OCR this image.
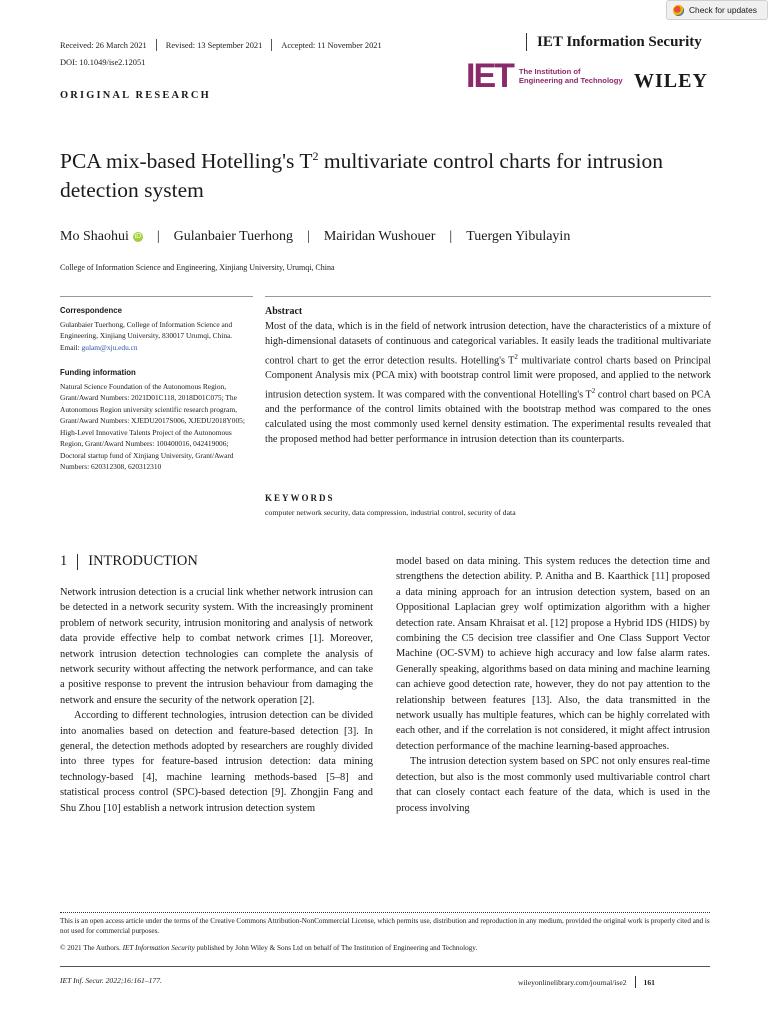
Check for updates
Received: 26 March 2021 Revised: 13 September 2021 Accepted: 11 November 2021	IET Information Security
DOI: 10.1049/ise2.12051	IET The Institution of
Engineering and Technology WILEY
ORIGINAL RESEARCH
PCA mix-based Hotelling's $T^2$ multivariate control charts for intrusion detection system
Mo Shaohui iD | Gulanbaier Tuerhong | Mairidan Wushouer | Tuergen Yibulayin
College of Information Science and Engineering, Xinjiang University, Urumqi, China
Correspondence
Gulanbaier Tuerhong, College of Information Science and Engineering, Xinjiang University, 830017 Urumqi, China.
Email: gulam@xju.edu.cn
Funding information
Natural Science Foundation of the Autonomous Region, Grant/Award Numbers: 2021D01C118, 2018D01C075; The Autonomous Region university scientific research program, Grant/Award Numbers: XJEDU2017S006, XJEDU2018Y005; High-Level Innovative Talents Project of the Autonomous Region, Grant/Award Numbers: 100400016, 042419006; Doctoral startup fund of Xinjiang University, Grant/Award Numbers: 620312308, 620312310
Abstract
Most of the data, which is in the field of network intrusion detection, have the characteristics of a mixture of high-dimensional datasets of continuous and categorical variables. It easily leads the traditional multivariate control chart to get the error detection results. Hotelling's $T^2$ multivariate control charts based on Principal Component Analysis mix (PCA mix) with bootstrap control limit were proposed, and applied to the network intrusion detection system. It was compared with the conventional Hotelling's $T^2$ control chart based on PCA and the performance of the control limits obtained with the bootstrap method was compared to the ones calculated using the most commonly used kernel density estimation. The experimental results revealed that the proposed method had better performance in intrusion detection than its counterparts.
KEYWORDS
computer network security, data compression, industrial control, security of data
1 INTRODUCTION

Network intrusion detection is a crucial link whether network intrusion can be detected in a network security system. With the increasingly prominent problem of network security, intrusion monitoring and analysis of network data provide effective help to combat network crimes [1]. Moreover, network intrusion detection technologies can complete the analysis of network security without affecting the network performance, and can take a positive response to prevent the intrusion behaviour from damaging the network and ensure the security of the network operation [2].

According to different technologies, intrusion detection can be divided into anomalies based on detection and feature-based detection [3]. In general, the detection methods adopted by researchers are roughly divided into three types for feature-based intrusion detection: data mining technology-based [4], machine learning methods-based [5–8] and statistical process control (SPC)-based detection [9]. Zhongjin Fang and Shu Zhou [10] establish a network intrusion detection system

model based on data mining. This system reduces the detection time and strengthens the detection ability. P. Anitha and B. Kaarthick [11] proposed a data mining approach for an intrusion detection system, based on an Oppositional Laplacian grey wolf optimization algorithm with a higher detection rate. Ansam Khraisat et al. [12] propose a Hybrid IDS (HIDS) by combining the C5 decision tree classifier and One Class Support Vector Machine (OC-SVM) to achieve high accuracy and low false alarm rates. Generally speaking, algorithms based on data mining and machine learning can achieve good detection rate, however, they do not pay attention to the relationship between features [13]. Also, the data transmitted in the network usually has multiple features, which can be highly correlated with each other, and if the correlation is not considered, it might affect intrusion detection performance of the machine learning-based approaches.

The intrusion detection system based on SPC not only ensures real-time detection, but also is the most commonly used multivariable control chart that can closely contact each feature of the data, which is used in the process involving

This is an open access article under the terms of the Creative Commons Attribution-NonCommercial License, which permits use, distribution and reproduction in any medium, provided the original work is properly cited and is not used for commercial purposes.
© 2021 The Authors. IET Information Security published by John Wiley & Sons Ltd on behalf of The Institution of Engineering and Technology.
IET Inf. Secur. 2022;16:161–177.	wileyonlinelibrary.com/journal/ise2 161
